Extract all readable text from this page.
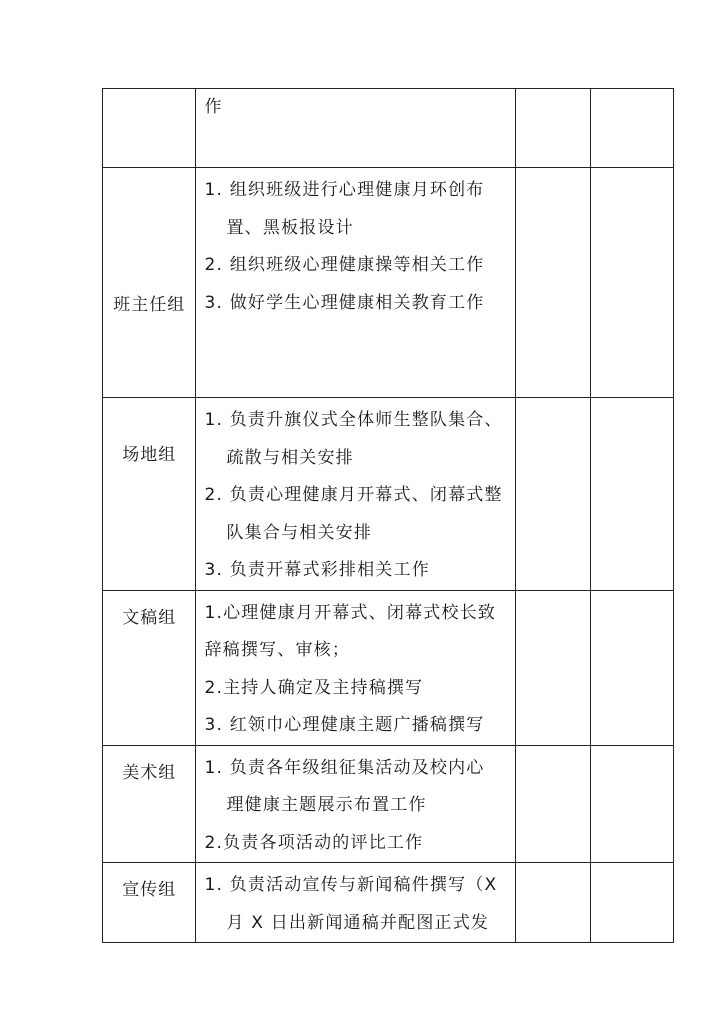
	作		

班主任组	1. 组织班级进行心理健康月环创布
置、黑板报设计
2. 组织班级心理健康操等相关工作
3. 做好学生心理健康相关教育工作		

场地组	1. 负责升旗仪式全体师生整队集合、
疏散与相关安排
2. 负责心理健康月开幕式、闭幕式整
队集合与相关安排
3. 负责开幕式彩排相关工作		

文稿组	1.心理健康月开幕式、闭幕式校长致
辞稿撰写、审核；
2.主持人确定及主持稿撰写
3. 红领巾心理健康主题广播稿撰写		

美术组	1. 负责各年级组征集活动及校内心
理健康主题展示布置工作
2.负责各项活动的评比工作		

宣传组	1. 负责活动宣传与新闻稿件撰写（X
月 X 日出新闻通稿并配图正式发		
